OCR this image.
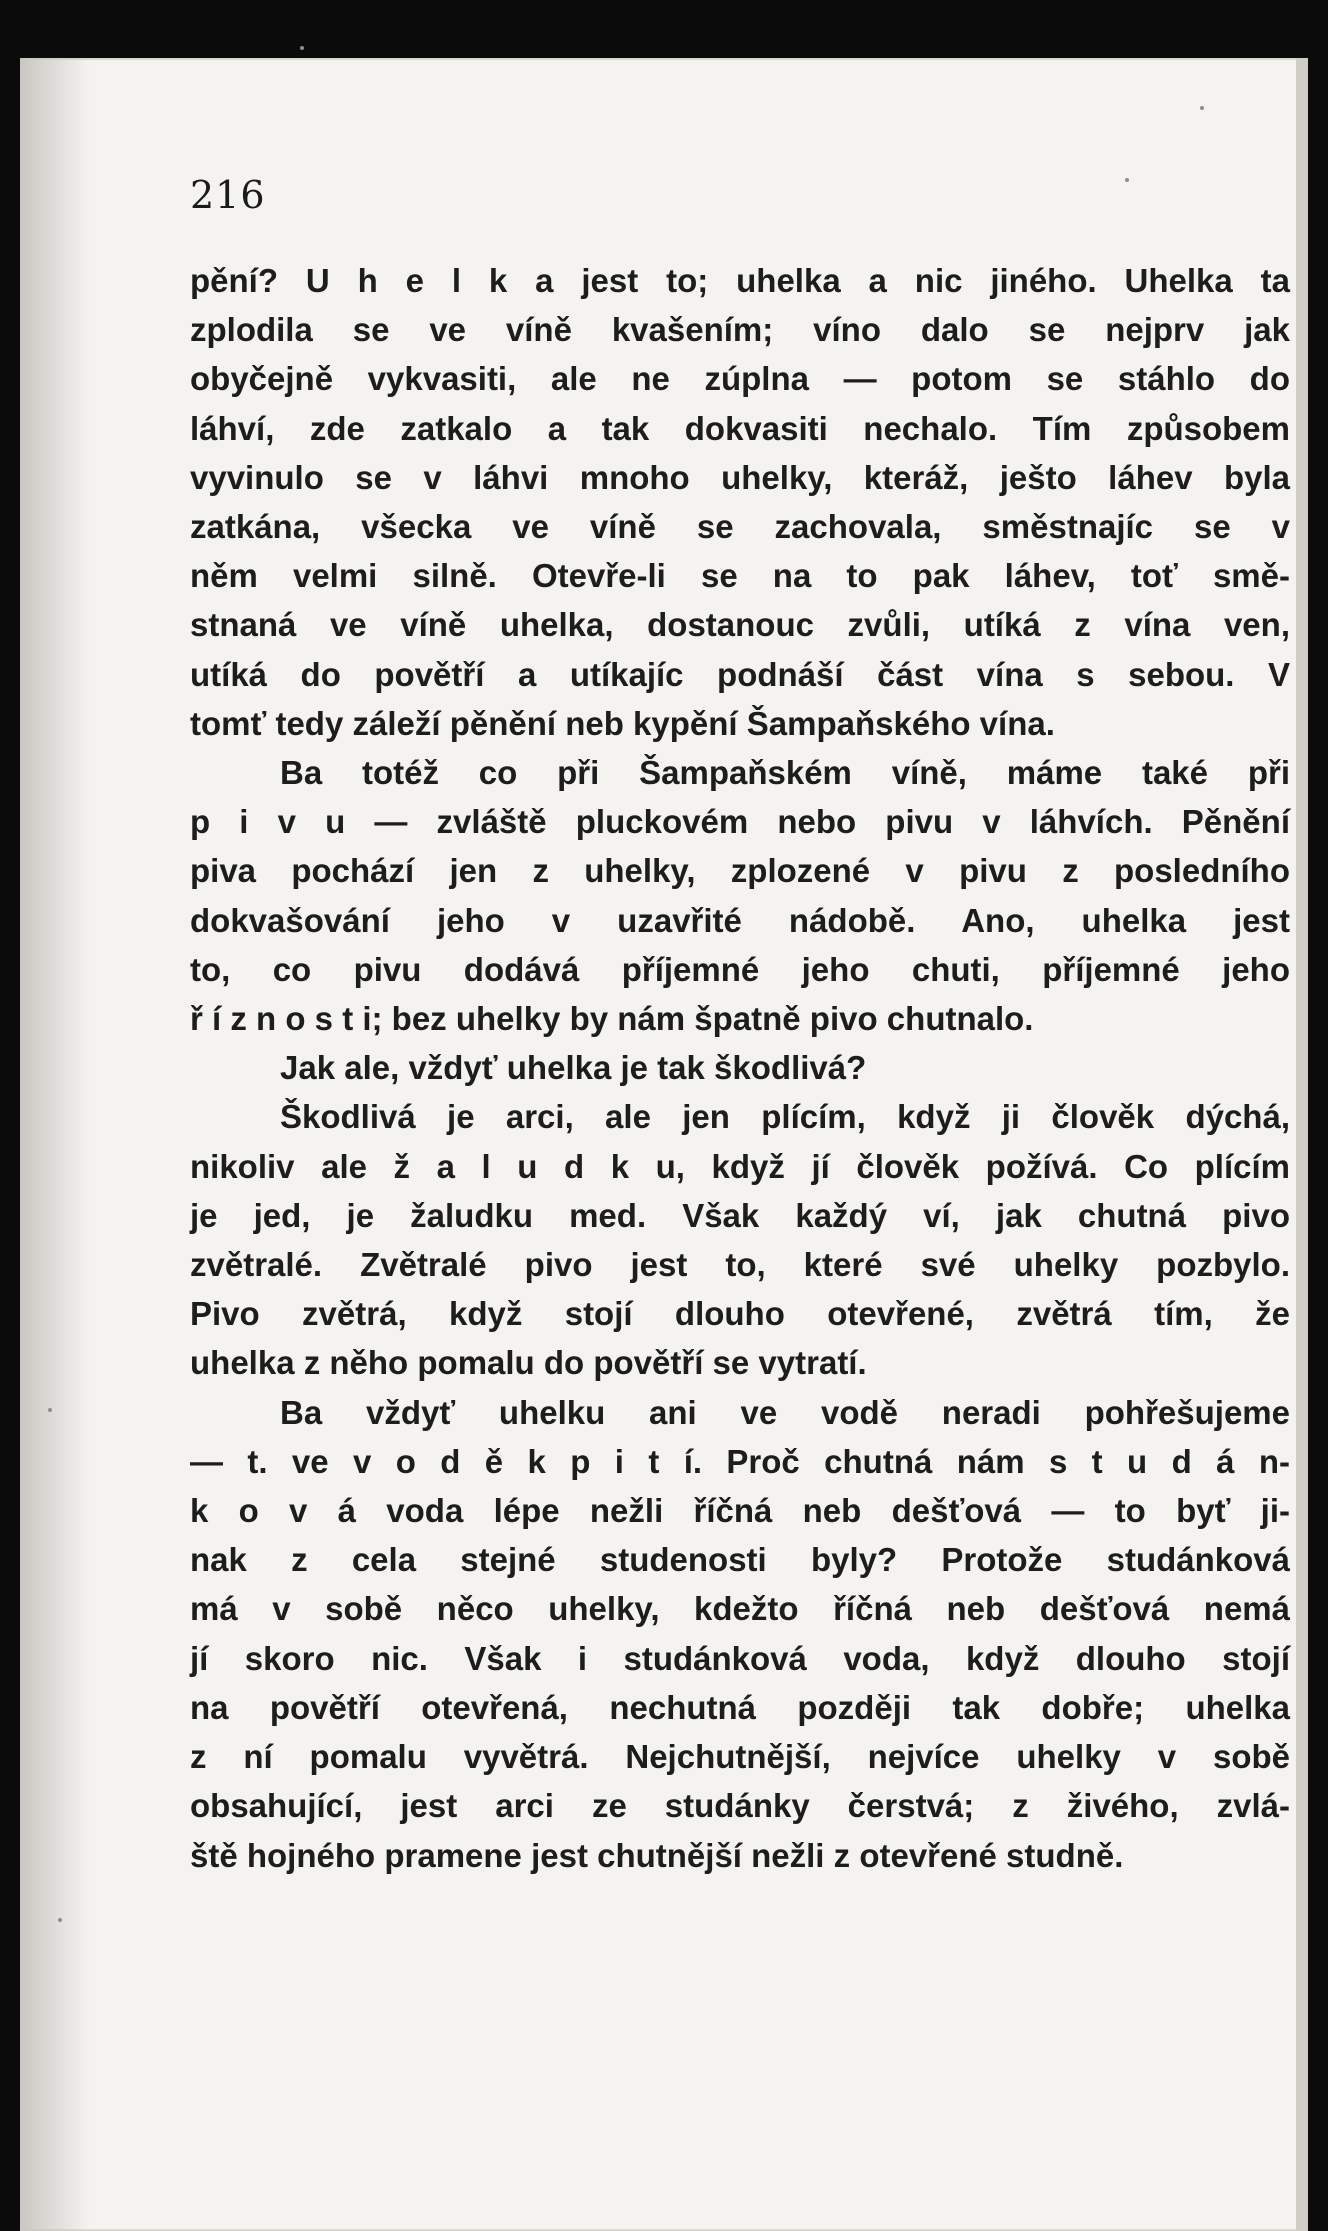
216
pění? U h e l k a jest to; uhelka a nic jiného. Uhelka ta
zplodila se ve víně kvašením; víno dalo se nejprv jak
obyčejně vykvasiti, ale ne zúplna — potom se stáhlo do
láhví, zde zatkalo a tak dokvasiti nechalo. Tím způsobem
vyvinulo se v láhvi mnoho uhelky, kteráž, ješto láhev byla
zatkána, všecka ve víně se zachovala, směstnajíc se v
něm velmi silně. Otevře-li se na to pak láhev, toť smě-
stnaná ve víně uhelka, dostanouc zvůli, utíká z vína ven,
utíká do povětří a utíkajíc podnáší část vína s sebou. V
tomť tedy záleží pěnění neb kypění Šampaňského vína.
Ba totéž co při Šampaňském víně, máme také při
p i v u — zvláště pluckovém nebo pivu v láhvích. Pěnění
piva pochází jen z uhelky, zplozené v pivu z posledního
dokvašování jeho v uzavřité nádobě. Ano, uhelka jest
to, co pivu dodává příjemné jeho chuti, příjemné jeho
ř í z n o s t i; bez uhelky by nám špatně pivo chutnalo.
Jak ale, vždyť uhelka je tak škodlivá?
Škodlivá je arci, ale jen plícím, když ji člověk dýchá,
nikoliv ale ž a l u d k u, když jí člověk požívá. Co plícím
je jed, je žaludku med. Však každý ví, jak chutná pivo
zvětralé. Zvětralé pivo jest to, které své uhelky pozbylo.
Pivo zvětrá, když stojí dlouho otevřené, zvětrá tím, že
uhelka z něho pomalu do povětří se vytratí.
Ba vždyť uhelku ani ve vodě neradi pohřešujeme
— t. ve v o d ě k p i t í. Proč chutná nám s t u d á n-
k o v á voda lépe nežli říčná neb dešťová — to byť ji-
nak z cela stejné studenosti byly? Protože studánková
má v sobě něco uhelky, kdežto říčná neb dešťová nemá
jí skoro nic. Však i studánková voda, když dlouho stojí
na povětří otevřená, nechutná později tak dobře; uhelka
z ní pomalu vyvětrá. Nejchutnější, nejvíce uhelky v sobě
obsahující, jest arci ze studánky čerstvá; z živého, zvlá-
ště hojného pramene jest chutnější nežli z otevřené studně.
